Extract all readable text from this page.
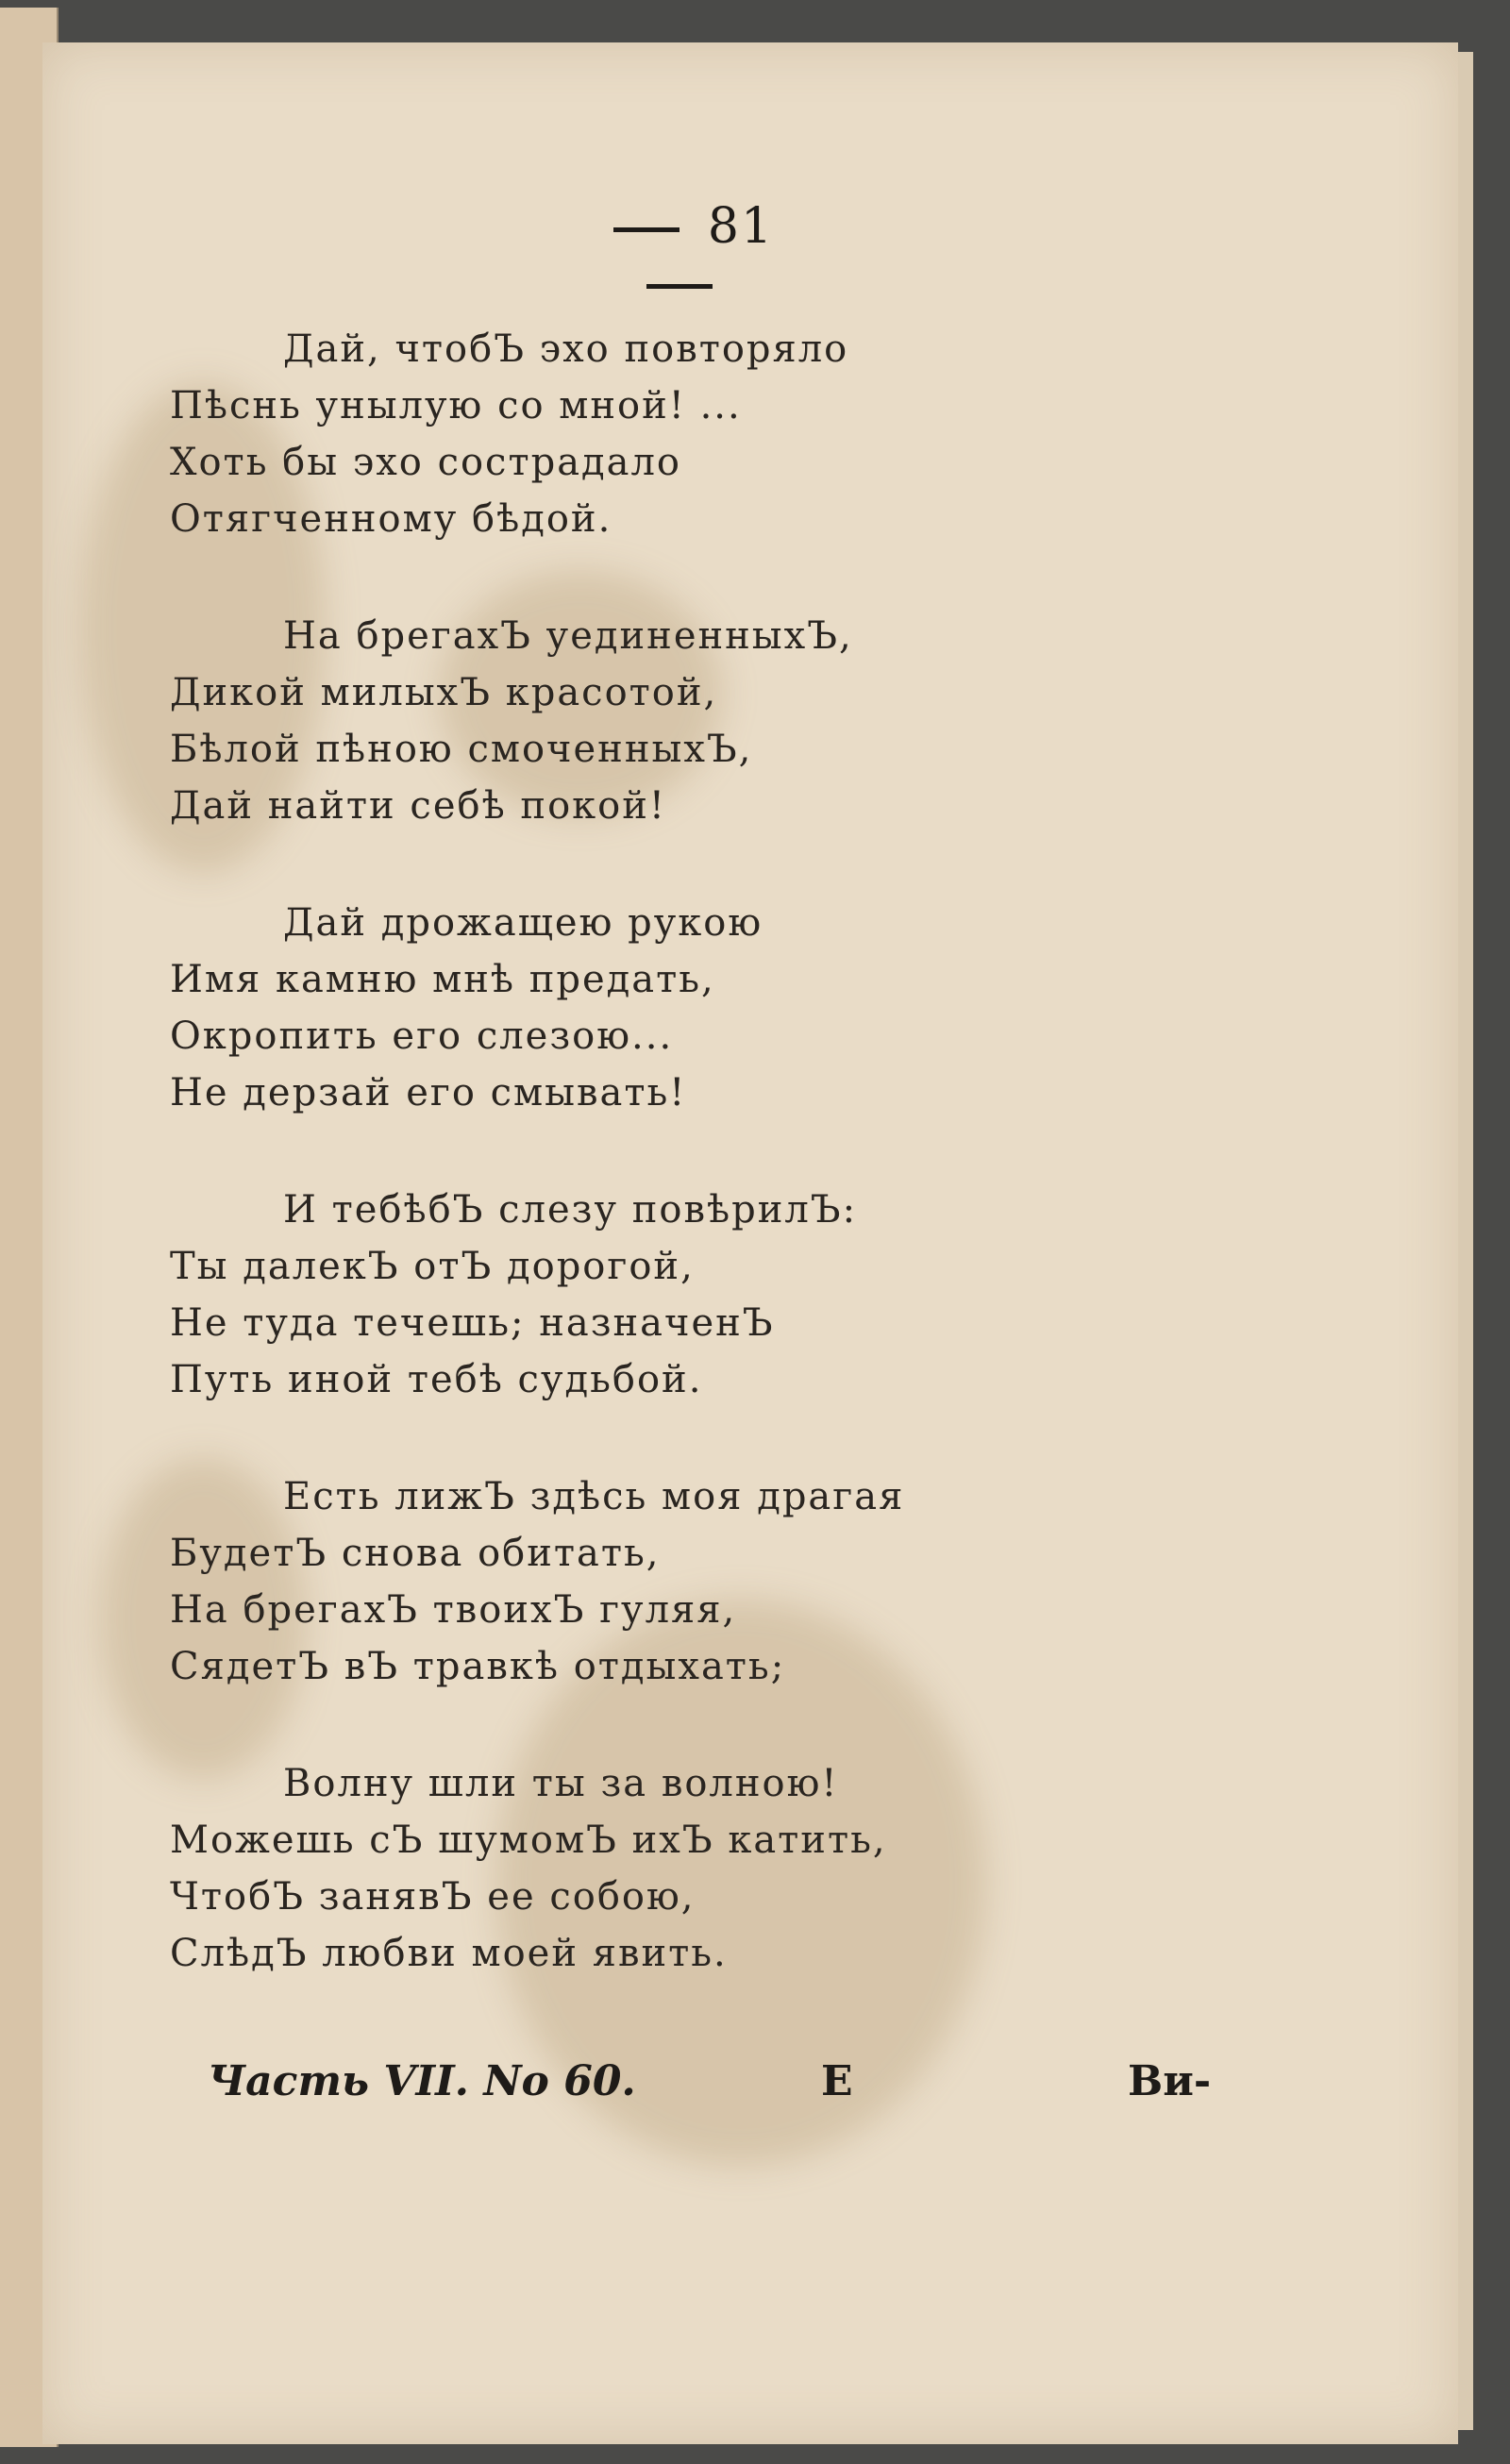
81
Дай, чтобЪ эхо повторяло
Пѣснь унылую со мной! ...
Хоть бы эхо сострадало
Отягченному бѣдой.
На брегахЪ уединенныхЪ,
Дикой милыхЪ красотой,
Бѣлой пѣною смоченныхЪ,
Дай найти себѣ покой!
Дай дрожащею рукою
Имя камню мнѣ предать,
Окропить его слезою...
Не дерзай его смывать!
И тебѣбЪ слезу повѣрилЪ:
Ты далекЪ отЪ дорогой,
Не туда течешь; назначенЪ
Путь иной тебѣ судьбой.
Есть лижЪ здѣсь моя драгая
БудетЪ снова обитать,
На брегахЪ твоихЪ гуляя,
СядетЪ вЪ травкѣ отдыхать;
Волну шли ты за волною!
Можешь сЪ шумомЪ ихЪ катить,
ЧтобЪ занявЪ ее собою,
СлѣдЪ любви моей явить.
Часть VII. No 60.	E	Ви-
